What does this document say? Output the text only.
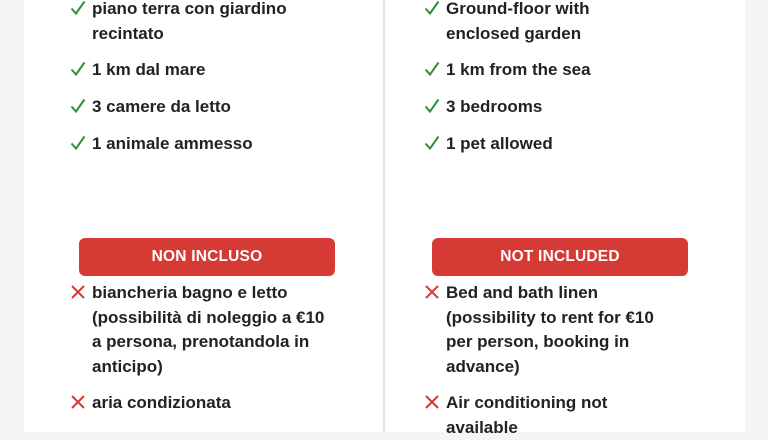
piano terra con giardino recintato
1 km dal mare
3 camere da letto
1 animale ammesso
NON INCLUSO
biancheria bagno e letto (possibilità di noleggio a €10 a persona, prenotandola in anticipo)
aria condizionata
Ground-floor with enclosed garden
1 km from the sea
3 bedrooms
1 pet allowed
NOT INCLUDED
Bed and bath linen (possibility to rent for €10 per person, booking in advance)
Air conditioning not available
